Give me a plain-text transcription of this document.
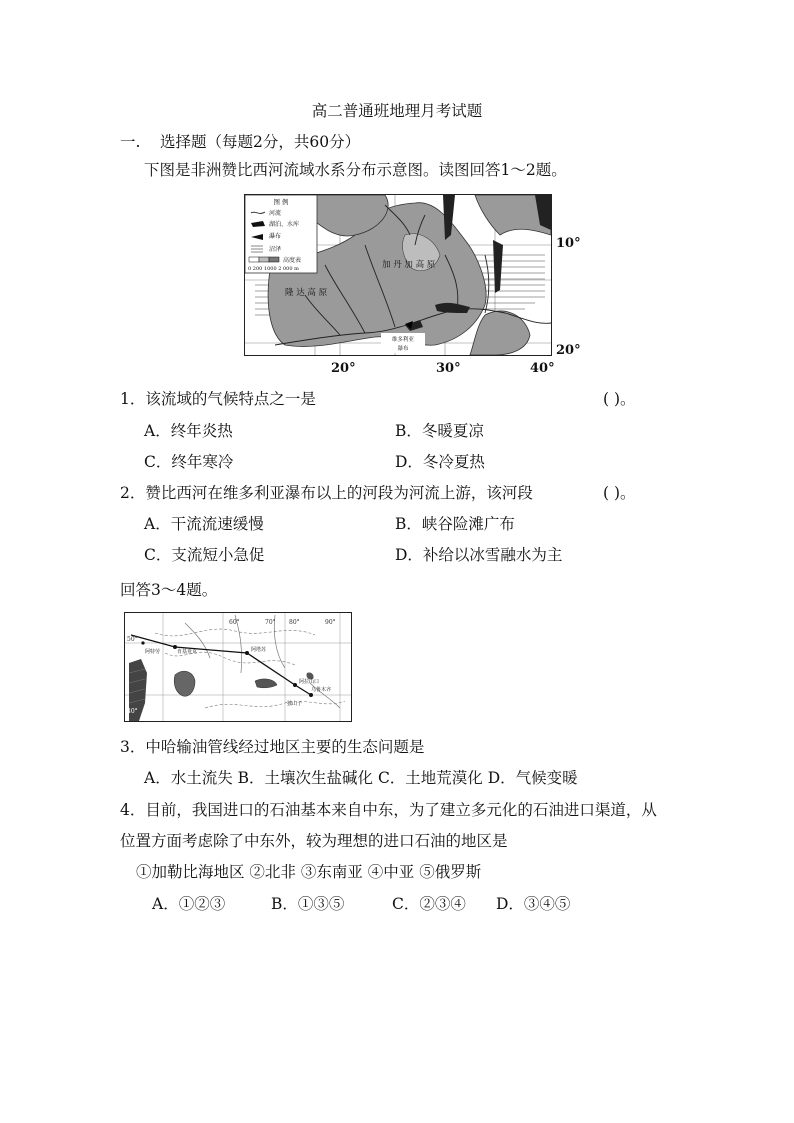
高二普通班地理月考试题
一. 选择题（每题2分，共60分）
下图是非洲赞比西河流域水系分布示意图。读图回答1～2题。
图 例
河流
湖泊、水库
瀑布
沼泽
高度表
0 200 1000 2 000 m	加 丹 加 高 原
隆 达 高 原
维多利亚
瀑布
10°
20°
20°	30°	40°
1．该流域的气候特点之一是	( )。
A．终年炎热	B．冬暖夏凉
C．终年寒冷	D．冬冷夏热
2．赞比西河在维多利亚瀑布以上的河段为河流上游，该河段	( )。
A．干流流速缓慢	B．峡谷险滩广布
C．支流短小急促	D．补给以冰雪融水为主
回答3～4题。
60°	70° 80°	90°
50°
40°
肯基亚克
阿特劳	阿塔苏
阿拉山口
乌鲁木齐
独山子
3．中哈输油管线经过地区主要的生态问题是
A．水土流失 B．土壤次生盐碱化 C．土地荒漠化 D．气候变暖
4．目前，我国进口的石油基本来自中东，为了建立多元化的石油进口渠道，从
位置方面考虑除了中东外，较为理想的进口石油的地区是
①加勒比海地区 ②北非 ③东南亚 ④中亚 ⑤俄罗斯
A．①②③	B．①③⑤	C．②③④ D．③④⑤
